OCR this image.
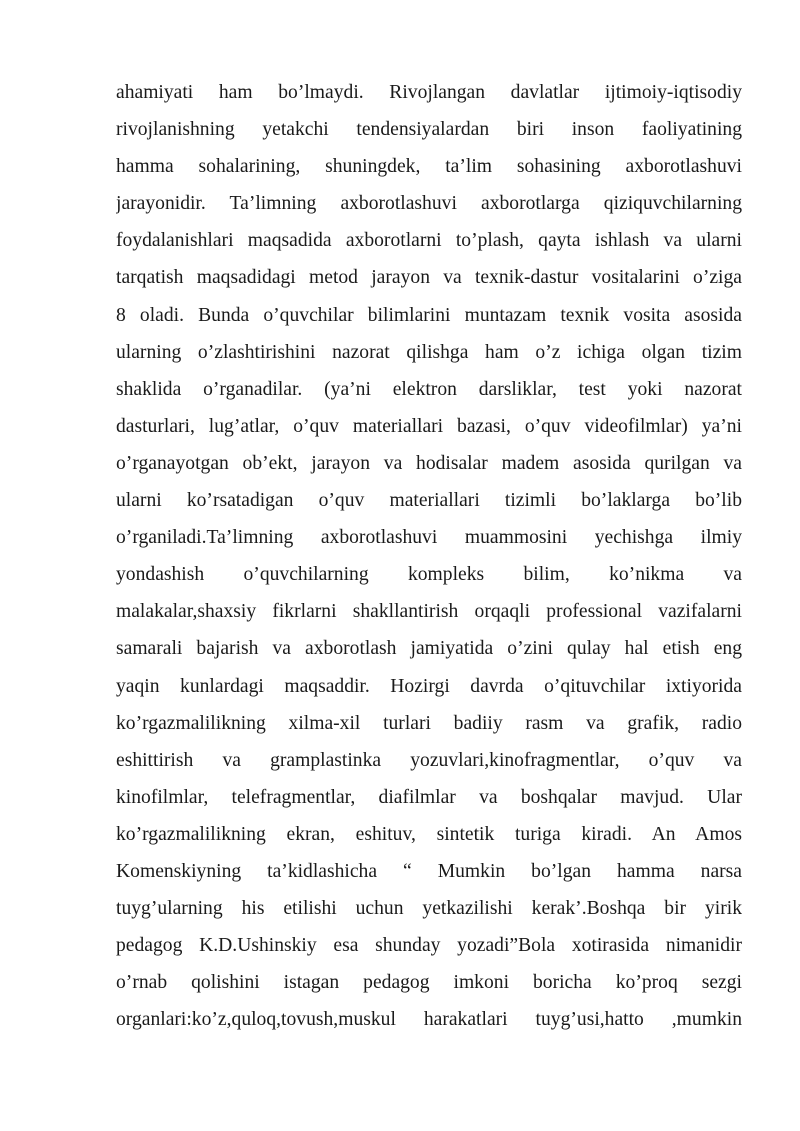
ahamiyati ham bo’lmaydi. Rivojlangan davlatlar ijtimoiy-iqtisodiy
rivojlanishning yetakchi tendensiyalardan biri inson faoliyatining
hamma sohalarining, shuningdek, ta’lim sohasining axborotlashuvi
jarayonidir. Ta’limning axborotlashuvi axborotlarga qiziquvchilarning
foydalanishlari maqsadida axborotlarni to’plash, qayta ishlash va ularni
tarqatish maqsadidagi metod jarayon va texnik-dastur vositalarini o’ziga
8 oladi. Bunda o’quvchilar bilimlarini muntazam texnik vosita asosida
ularning o’zlashtirishini nazorat qilishga ham o’z ichiga olgan tizim
shaklida o’rganadilar. (ya’ni elektron darsliklar, test yoki nazorat
dasturlari, lug’atlar, o’quv materiallari bazasi, o’quv videofilmlar) ya’ni
o’rganayotgan ob’ekt, jarayon va hodisalar madem asosida qurilgan va
ularni ko’rsatadigan o’quv materiallari tizimli bo’laklarga bo’lib
o’rganiladi.Ta’limning axborotlashuvi muammosini yechishga ilmiy
yondashish o’quvchilarning kompleks bilim, ko’nikma va
malakalar,shaxsiy fikrlarni shakllantirish orqaqli professional vazifalarni
samarali bajarish va axborotlash jamiyatida o’zini qulay hal etish eng
yaqin kunlardagi maqsaddir. Hozirgi davrda o’qituvchilar ixtiyorida
ko’rgazmalilikning xilma-xil turlari badiiy rasm va grafik, radio
eshittirish va gramplastinka yozuvlari,kinofragmentlar, o’quv va
kinofilmlar, telefragmentlar, diafilmlar va boshqalar mavjud. Ular
ko’rgazmalilikning ekran, eshituv, sintetik turiga kiradi. An Amos
Komenskiyning ta’kidlashicha “ Mumkin bo’lgan hamma narsa
tuyg’ularning his etilishi uchun yetkazilishi kerak’.Boshqa bir yirik
pedagog K.D.Ushinskiy esa shunday yozadi”Bola xotirasida nimanidir
o’rnab qolishini istagan pedagog imkoni boricha ko’proq sezgi
organlari:ko’z,quloq,tovush,muskul harakatlari tuyg’usi,hatto ,mumkin
